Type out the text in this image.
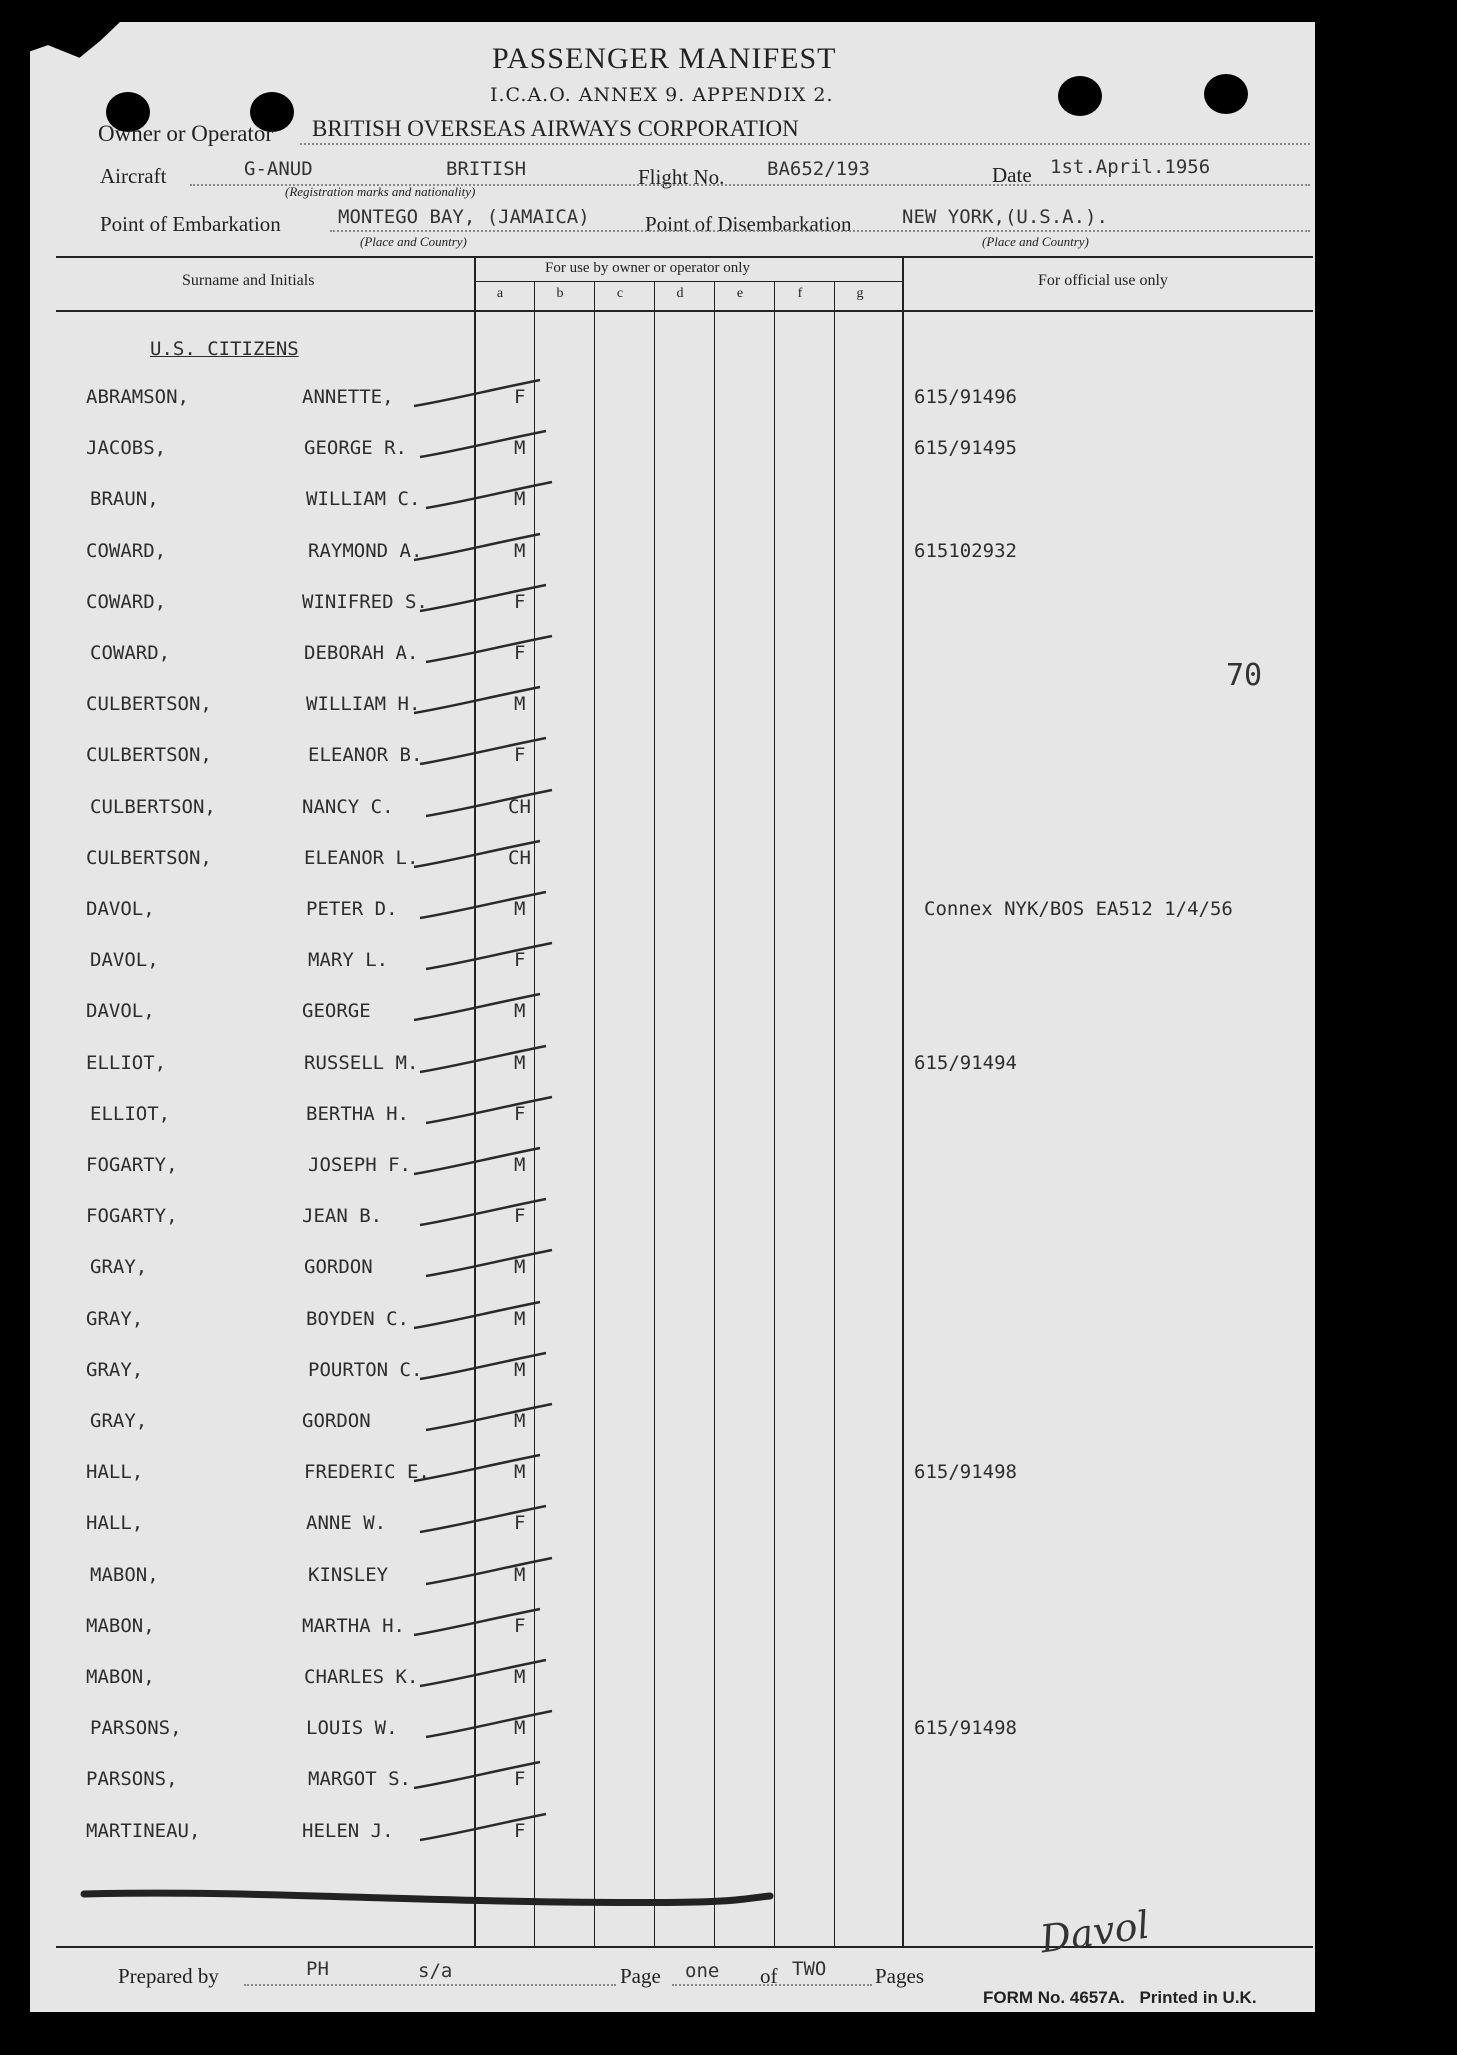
PASSENGER MANIFEST
I.C.A.O. ANNEX 9. APPENDIX 2.
Owner or Operator BRITISH OVERSEAS AIRWAYS CORPORATION
Aircraft	G-ANUD	BRITISH
(Registration marks and nationality)
Flight No. BA652/193	Date 1st.April.1956
Point of Embarkation	MONTEGO BAY, (JAMAICA)
(Place and Country)
Point of Disembarkation	NEW YORK,(U.S.A.).
(Place and Country)
Surname and Initials
For use by owner or operator only
For official use only
a	b	c	d	e	f	g
U.S. CITIZENS
ABRAMSON,	ANNETTE,	F	615/91496
JACOBS,	GEORGE R.	M	615/91495
BRAUN,	WILLIAM C.	M
COWARD,	RAYMOND A.	M	615102932
COWARD,	WINIFRED S.	F
COWARD,	DEBORAH A.	F
CULBERTSON,	WILLIAM H.	M
CULBERTSON,	ELEANOR B.	F
CULBERTSON,	NANCY C.	CH
CULBERTSON,	ELEANOR L.	CH
DAVOL,	PETER D.	M	Connex NYK/BOS EA512 1/4/56
DAVOL,	MARY L.	F
DAVOL,	GEORGE	M
ELLIOT,	RUSSELL M.	M	615/91494
ELLIOT,	BERTHA H.	F
FOGARTY,	JOSEPH F.	M
FOGARTY,	JEAN B.	F
GRAY,	GORDON	M
GRAY,	BOYDEN C.	M
GRAY,	POURTON C.	M
GRAY,	GORDON	M
HALL,	FREDERIC E.	M	615/91498
HALL,	ANNE W.	F
MABON,	KINSLEY	M
MABON,	MARTHA H.	F
MABON,	CHARLES K.	M
PARSONS,	LOUIS W.	M	615/91498
PARSONS,	MARGOT S.	F
MARTINEAU,	HELEN J.	F
70
Prepared by	PH	s/a	Page one of TWO Pages
Davol
FORM No. 4657A. Printed in U.K.
